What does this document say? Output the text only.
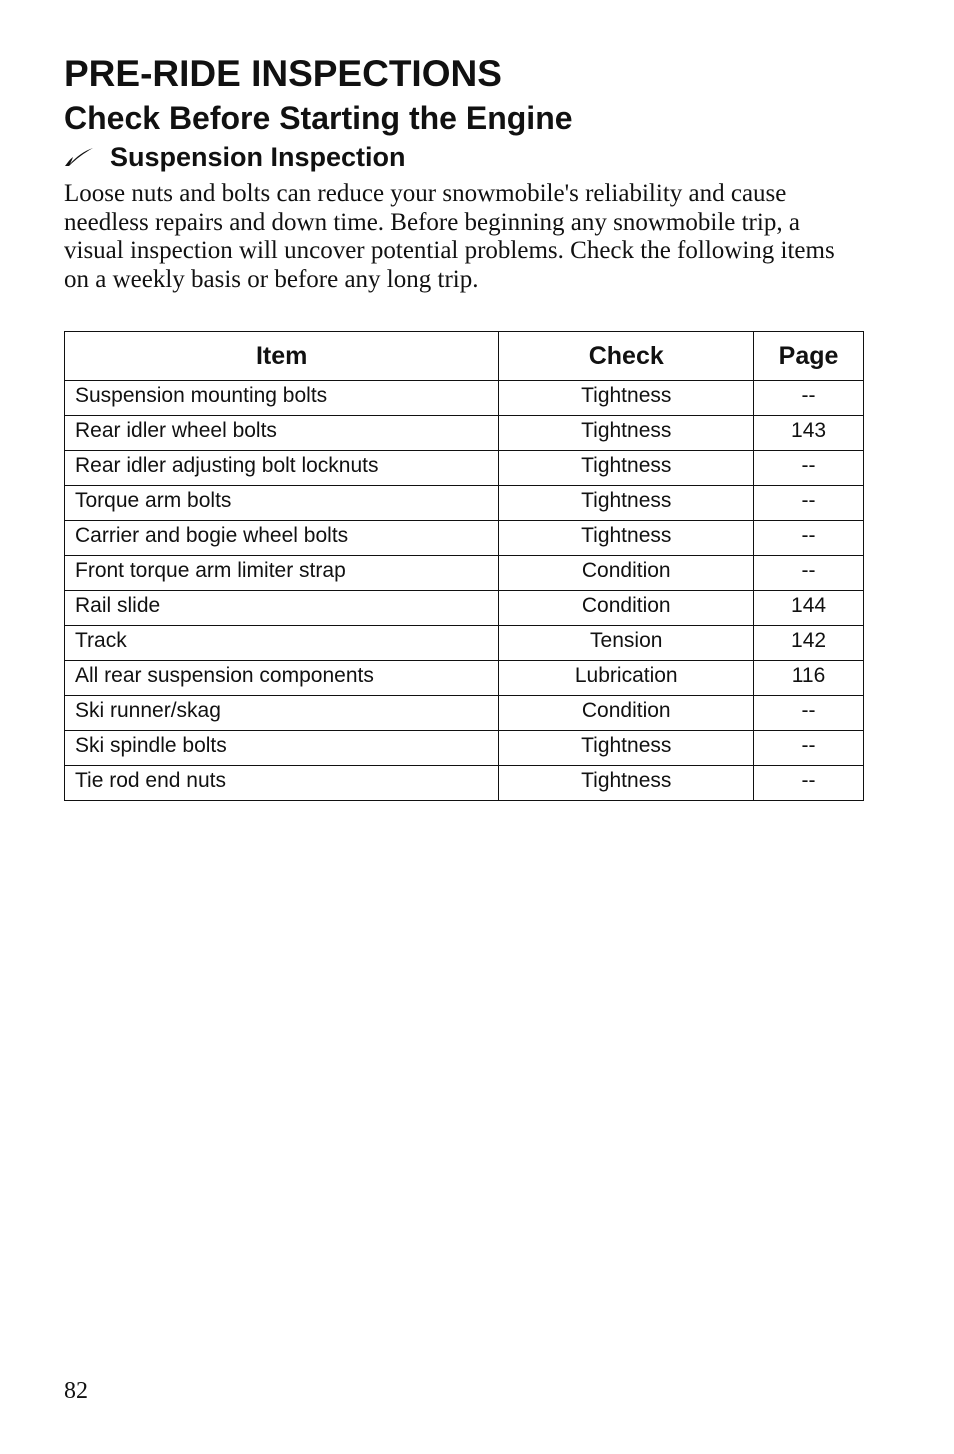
PRE-RIDE INSPECTIONS
Check Before Starting the Engine
Suspension Inspection

Loose nuts and bolts can reduce your snowmobile's reliability and cause needless repairs and down time. Before beginning any snowmobile trip, a visual inspection will uncover potential problems. Check the following items on a weekly basis or before any long trip.

Item	Check	Page
Suspension mounting bolts	Tightness	--
Rear idler wheel bolts	Tightness	143
Rear idler adjusting bolt locknuts	Tightness	--
Torque arm bolts	Tightness	--
Carrier and bogie wheel bolts	Tightness	--
Front torque arm limiter strap	Condition	--
Rail slide	Condition	144
Track	Tension	142
All rear suspension components	Lubrication	116
Ski runner/skag	Condition	--
Ski spindle bolts	Tightness	--
Tie rod end nuts	Tightness	--
82
